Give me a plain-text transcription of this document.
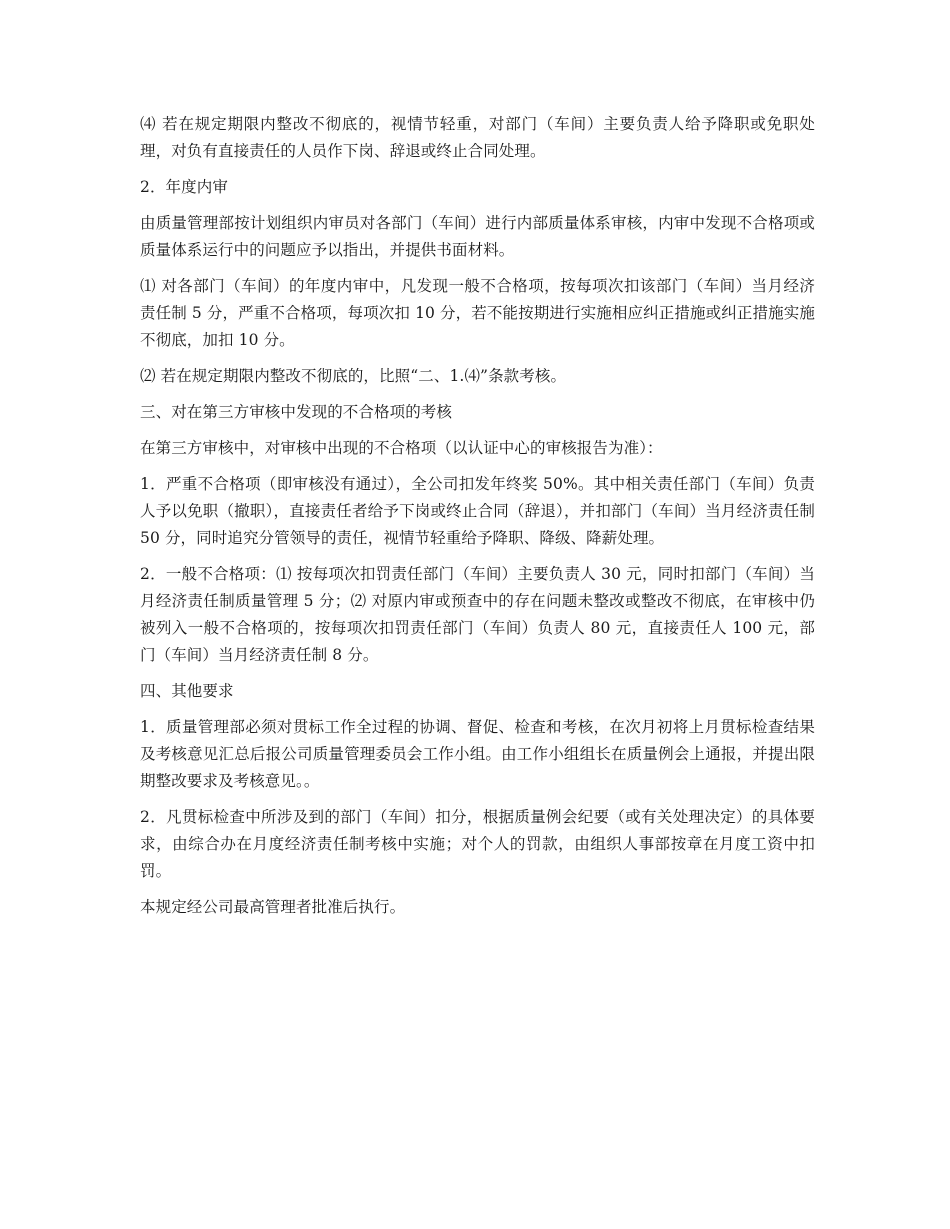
⑷ 若在规定期限内整改不彻底的，视情节轻重，对部门（车间）主要负责人给予降职或免职处理，对负有直接责任的人员作下岗、辞退或终止合同处理。

2．年度内审

由质量管理部按计划组织内审员对各部门（车间）进行内部质量体系审核，内审中发现不合格项或质量体系运行中的问题应予以指出，并提供书面材料。

⑴ 对各部门（车间）的年度内审中，凡发现一般不合格项，按每项次扣该部门（车间）当月经济责任制 5 分，严重不合格项，每项次扣 10 分，若不能按期进行实施相应纠正措施或纠正措施实施不彻底，加扣 10 分。

⑵ 若在规定期限内整改不彻底的，比照“二、1.⑷”条款考核。

三、对在第三方审核中发现的不合格项的考核

在第三方审核中，对审核中出现的不合格项（以认证中心的审核报告为准）：

1．严重不合格项（即审核没有通过），全公司扣发年终奖 50%。其中相关责任部门（车间）负责人予以免职（撤职），直接责任者给予下岗或终止合同（辞退），并扣部门（车间）当月经济责任制 50 分，同时追究分管领导的责任，视情节轻重给予降职、降级、降薪处理。

2．一般不合格项：⑴ 按每项次扣罚责任部门（车间）主要负责人 30 元，同时扣部门（车间）当月经济责任制质量管理 5 分；⑵ 对原内审或预查中的存在问题未整改或整改不彻底，在审核中仍被列入一般不合格项的，按每项次扣罚责任部门（车间）负责人 80 元，直接责任人 100 元，部门（车间）当月经济责任制 8 分。

四、其他要求

1．质量管理部必须对贯标工作全过程的协调、督促、检查和考核，在次月初将上月贯标检查结果及考核意见汇总后报公司质量管理委员会工作小组。由工作小组组长在质量例会上通报，并提出限期整改要求及考核意见。。

2．凡贯标检查中所涉及到的部门（车间）扣分，根据质量例会纪要（或有关处理决定）的具体要求，由综合办在月度经济责任制考核中实施；对个人的罚款，由组织人事部按章在月度工资中扣罚。

本规定经公司最高管理者批准后执行。
